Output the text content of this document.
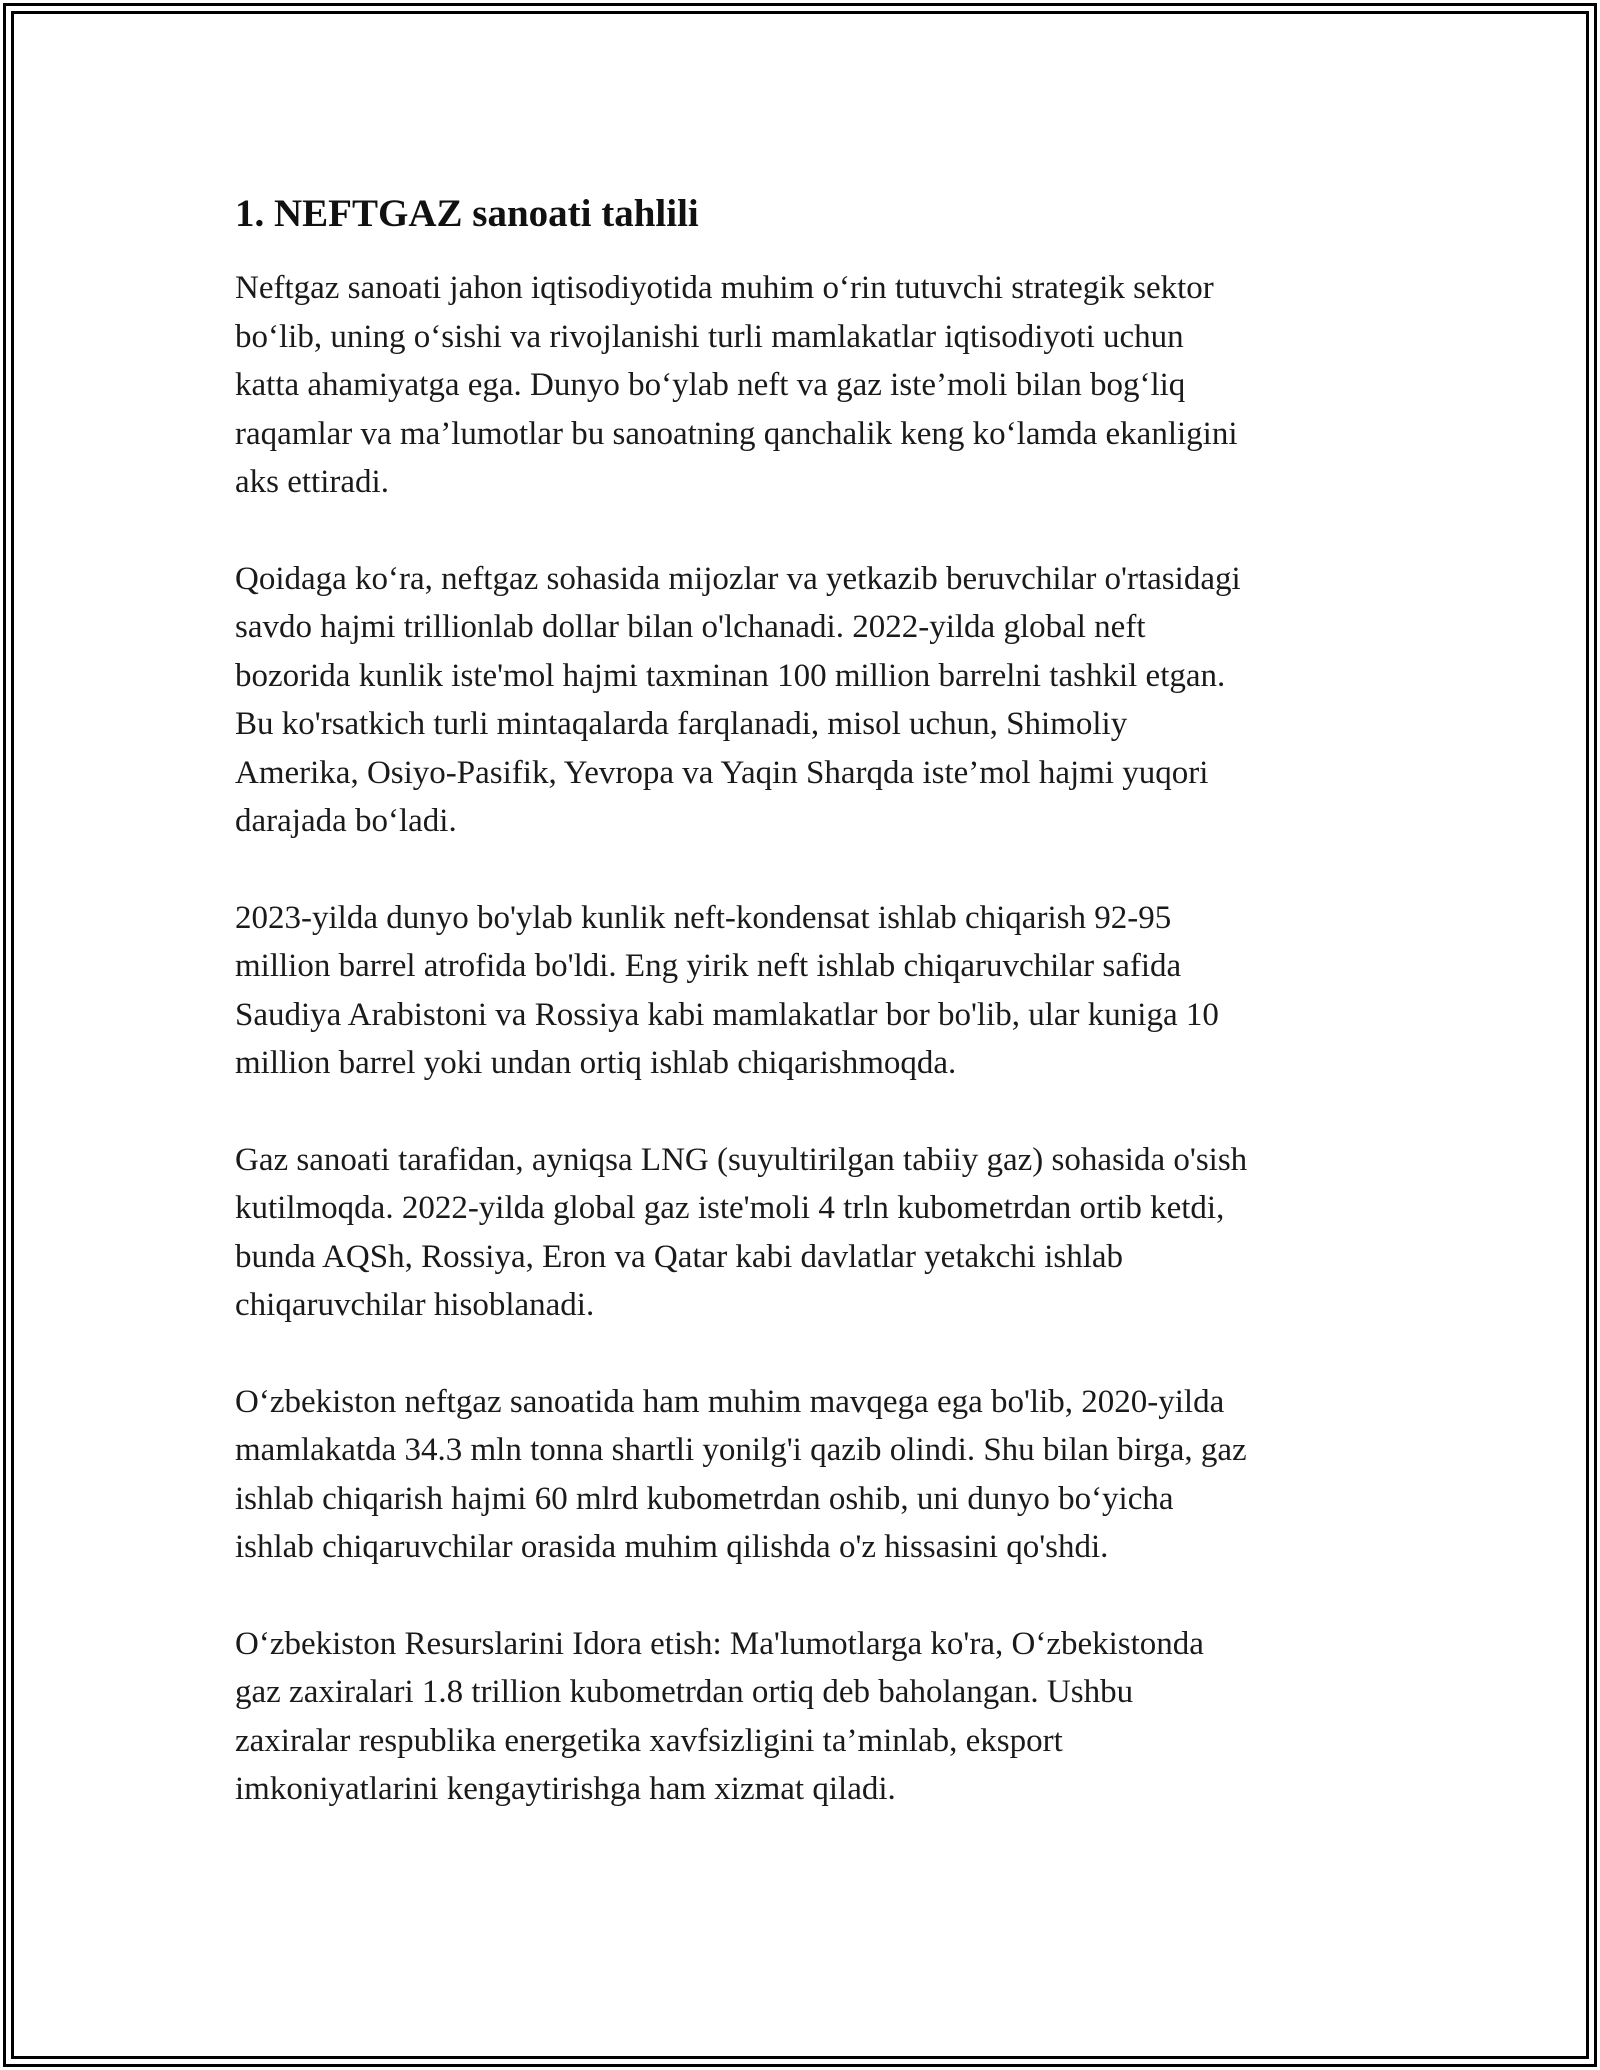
1. NEFTGAZ sanoati tahlili
Neftgaz sanoati jahon iqtisodiyotida muhim o‘rin tutuvchi strategik sektor
bo‘lib, uning o‘sishi va rivojlanishi turli mamlakatlar iqtisodiyoti uchun
katta ahamiyatga ega. Dunyo bo‘ylab neft va gaz iste’moli bilan bog‘liq
raqamlar va ma’lumotlar bu sanoatning qanchalik keng ko‘lamda ekanligini
aks ettiradi.
Qoidaga ko‘ra, neftgaz sohasida mijozlar va yetkazib beruvchilar o'rtasidagi
savdo hajmi trillionlab dollar bilan o'lchanadi. 2022-yilda global neft
bozorida kunlik iste'mol hajmi taxminan 100 million barrelni tashkil etgan.
Bu ko'rsatkich turli mintaqalarda farqlanadi, misol uchun, Shimoliy
Amerika, Osiyo-Pasifik, Yevropa va Yaqin Sharqda iste’mol hajmi yuqori
darajada bo‘ladi.
2023-yilda dunyo bo'ylab kunlik neft-kondensat ishlab chiqarish 92-95
million barrel atrofida bo'ldi. Eng yirik neft ishlab chiqaruvchilar safida
Saudiya Arabistoni va Rossiya kabi mamlakatlar bor bo'lib, ular kuniga 10
million barrel yoki undan ortiq ishlab chiqarishmoqda.
Gaz sanoati tarafidan, ayniqsa LNG (suyultirilgan tabiiy gaz) sohasida o'sish
kutilmoqda. 2022-yilda global gaz iste'moli 4 trln kubometrdan ortib ketdi,
bunda AQSh, Rossiya, Eron va Qatar kabi davlatlar yetakchi ishlab
chiqaruvchilar hisoblanadi.
O‘zbekiston neftgaz sanoatida ham muhim mavqega ega bo'lib, 2020-yilda
mamlakatda 34.3 mln tonna shartli yonilg'i qazib olindi. Shu bilan birga, gaz
ishlab chiqarish hajmi 60 mlrd kubometrdan oshib, uni dunyo bo‘yicha
ishlab chiqaruvchilar orasida muhim qilishda o'z hissasini qo'shdi.
O‘zbekiston Resurslarini Idora etish: Ma'lumotlarga ko'ra, O‘zbekistonda
gaz zaxiralari 1.8 trillion kubometrdan ortiq deb baholangan. Ushbu
zaxiralar respublika energetika xavfsizligini ta’minlab, eksport
imkoniyatlarini kengaytirishga ham xizmat qiladi.
